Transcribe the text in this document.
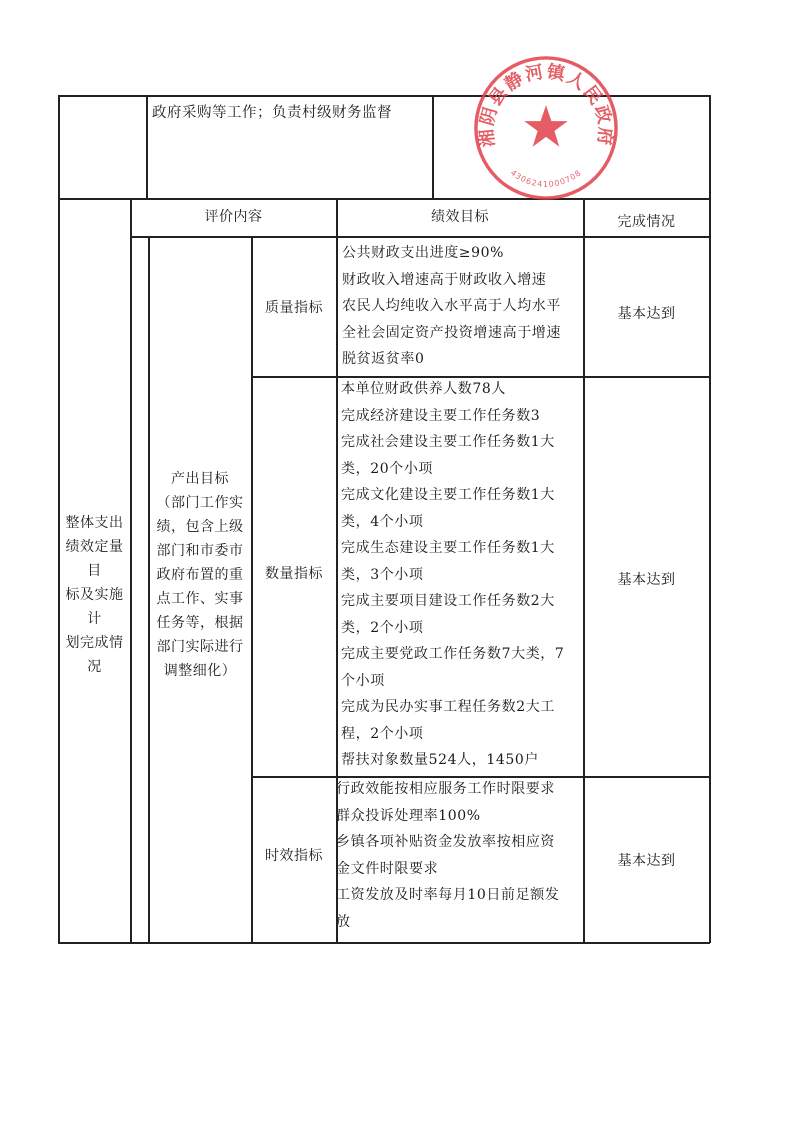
政府采购等工作；负责村级财务监督
评价内容	绩效目标	完成情况
整体支出
绩效定量目
标及实施计
划完成情况
产出目标
（部门工作实
绩，包含上级
部门和市委市
政府布置的重
点工作、实事
任务等，根据
部门实际进行
调整细化）
质量指标
公共财政支出进度≥90%
财政收入增速高于财政收入增速
农民人均纯收入水平高于人均水平
全社会固定资产投资增速高于增速
脱贫返贫率0
基本达到
数量指标
本单位财政供养人数78人
完成经济建设主要工作任务数3
完成社会建设主要工作任务数1大
类，20个小项
完成文化建设主要工作任务数1大
类，4个小项
完成生态建设主要工作任务数1大
类，3个小项
完成主要项目建设工作任务数2大
类，2个小项
完成主要党政工作任务数7大类，7
个小项
完成为民办实事工程任务数2大工
程，2个小项
帮扶对象数量524人，1450户
基本达到
时效指标
行政效能按相应服务工作时限要求
群众投诉处理率100%
乡镇各项补贴资金发放率按相应资
金文件时限要求
工资发放及时率每月10日前足额发
放
基本达到
湘阴县静河镇人民政府
4306241000708
